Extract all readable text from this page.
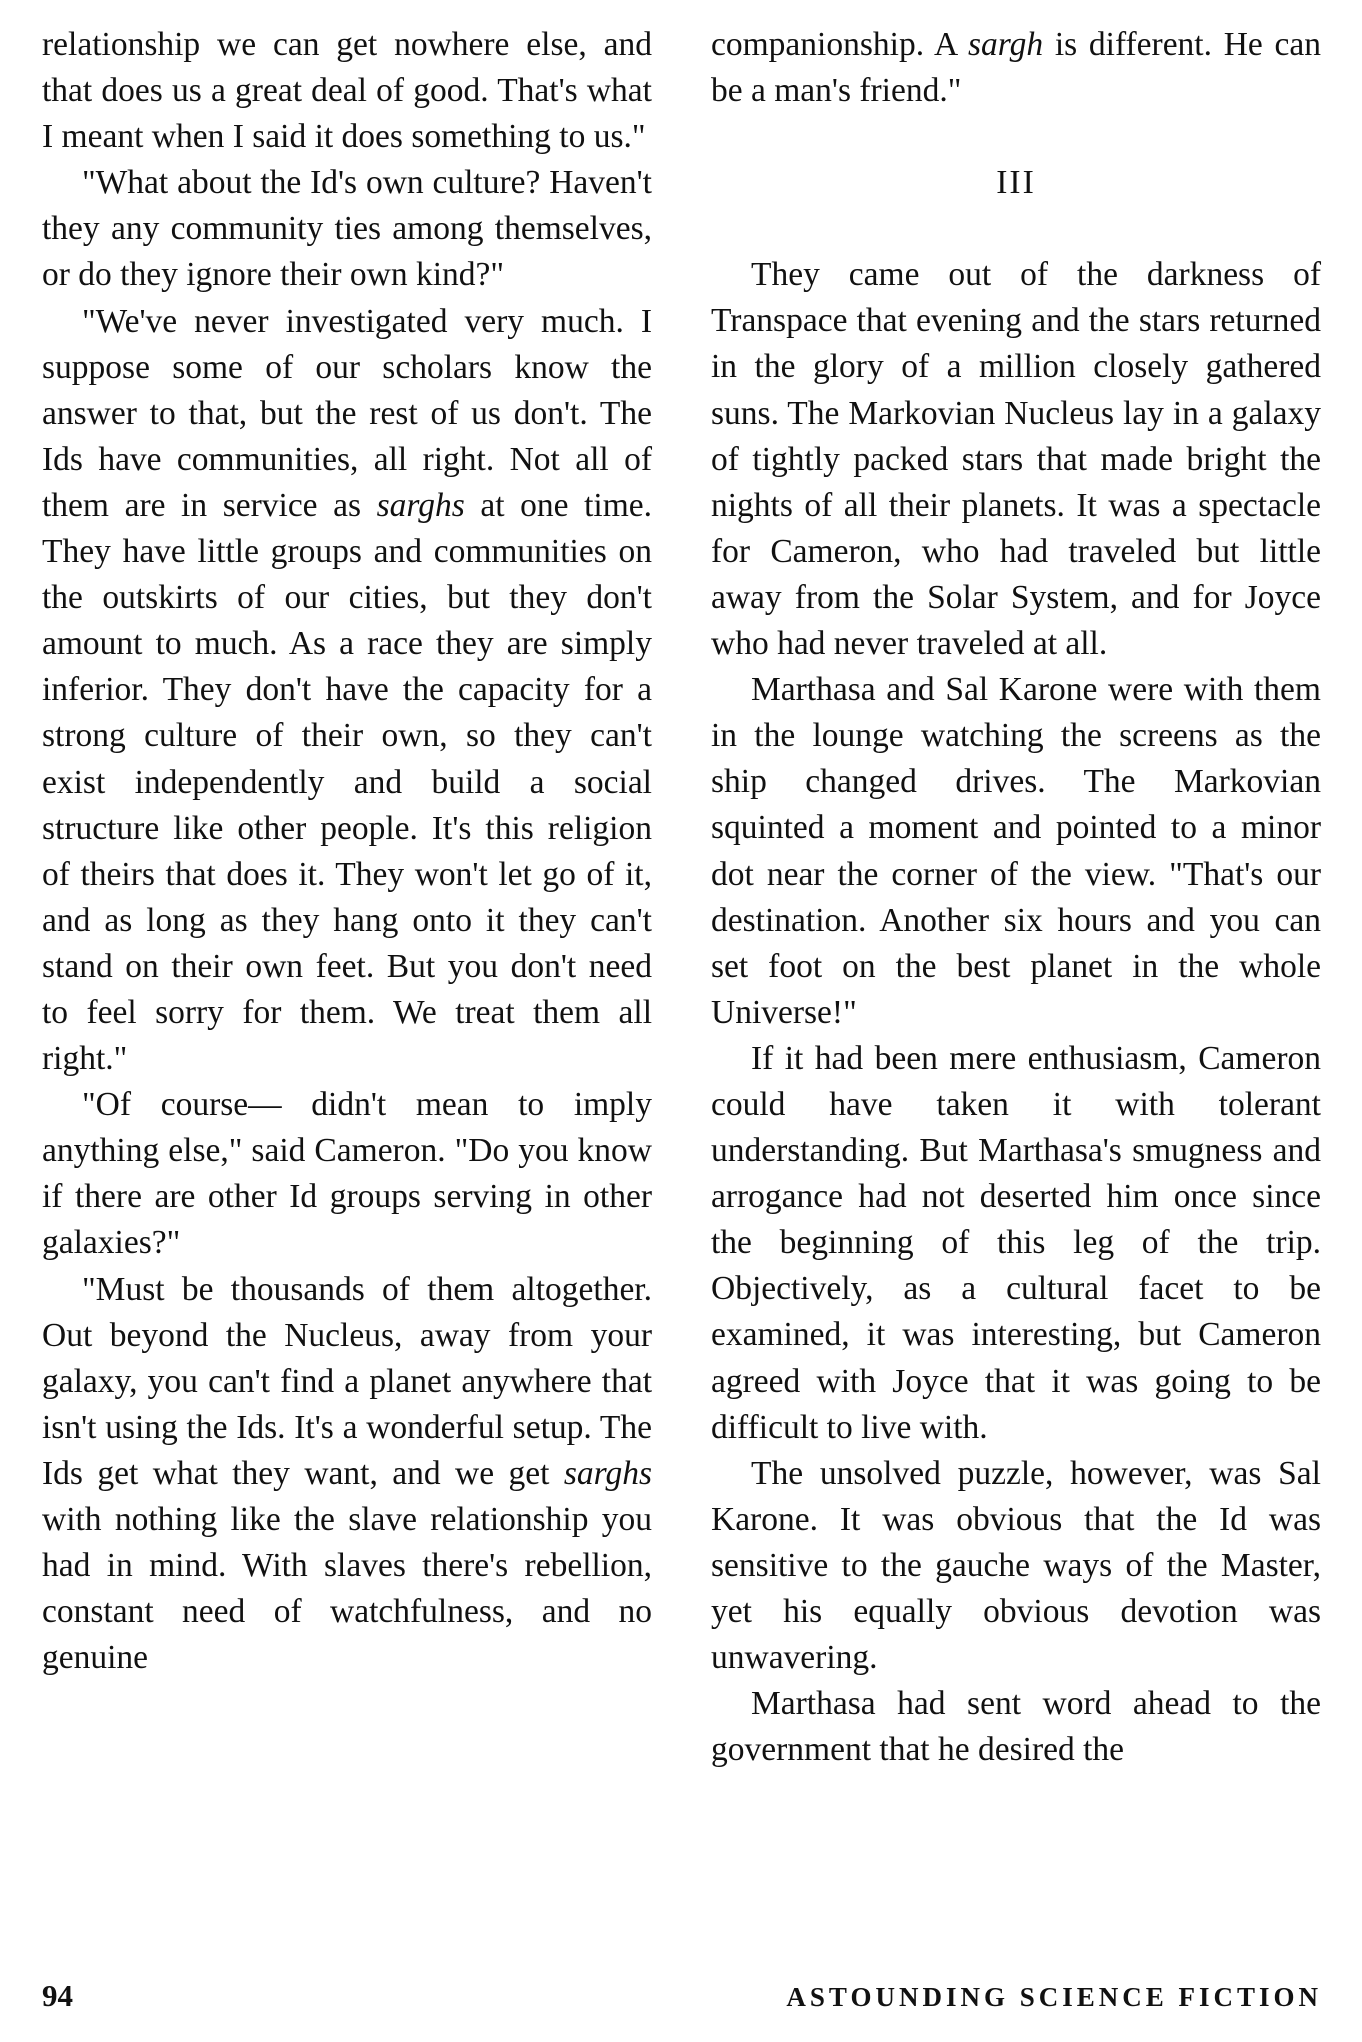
relationship we can get nowhere else, and that does us a great deal of good. That's what I meant when I said it does something to us."

"What about the Id's own culture? Haven't they any community ties among themselves, or do they ignore their own kind?"

"We've never investigated very much. I suppose some of our scholars know the answer to that, but the rest of us don't. The Ids have communities, all right. Not all of them are in service as sarghs at one time. They have little groups and communities on the outskirts of our cities, but they don't amount to much. As a race they are simply inferior. They don't have the capacity for a strong culture of their own, so they can't exist independently and build a social structure like other people. It's this religion of theirs that does it. They won't let go of it, and as long as they hang onto it they can't stand on their own feet. But you don't need to feel sorry for them. We treat them all right."

"Of course— didn't mean to imply anything else," said Cameron. "Do you know if there are other Id groups serving in other galaxies?"

"Must be thousands of them altogether. Out beyond the Nucleus, away from your galaxy, you can't find a planet anywhere that isn't using the Ids. It's a wonderful setup. The Ids get what they want, and we get sarghs with nothing like the slave relationship you had in mind. With slaves there's rebellion, constant need of watchfulness, and no genuine

companionship. A sargh is different. He can be a man's friend."

III

They came out of the darkness of Transpace that evening and the stars returned in the glory of a million closely gathered suns. The Markovian Nucleus lay in a galaxy of tightly packed stars that made bright the nights of all their planets. It was a spectacle for Cameron, who had traveled but little away from the Solar System, and for Joyce who had never traveled at all.

Marthasa and Sal Karone were with them in the lounge watching the screens as the ship changed drives. The Markovian squinted a moment and pointed to a minor dot near the corner of the view. "That's our destination. Another six hours and you can set foot on the best planet in the whole Universe!"

If it had been mere enthusiasm, Cameron could have taken it with tolerant understanding. But Marthasa's smugness and arrogance had not deserted him once since the beginning of this leg of the trip. Objectively, as a cultural facet to be examined, it was interesting, but Cameron agreed with Joyce that it was going to be difficult to live with.

The unsolved puzzle, however, was Sal Karone. It was obvious that the Id was sensitive to the gauche ways of the Master, yet his equally obvious devotion was unwavering.

Marthasa had sent word ahead to the government that he desired the

94	ASTOUNDING SCIENCE FICTION
